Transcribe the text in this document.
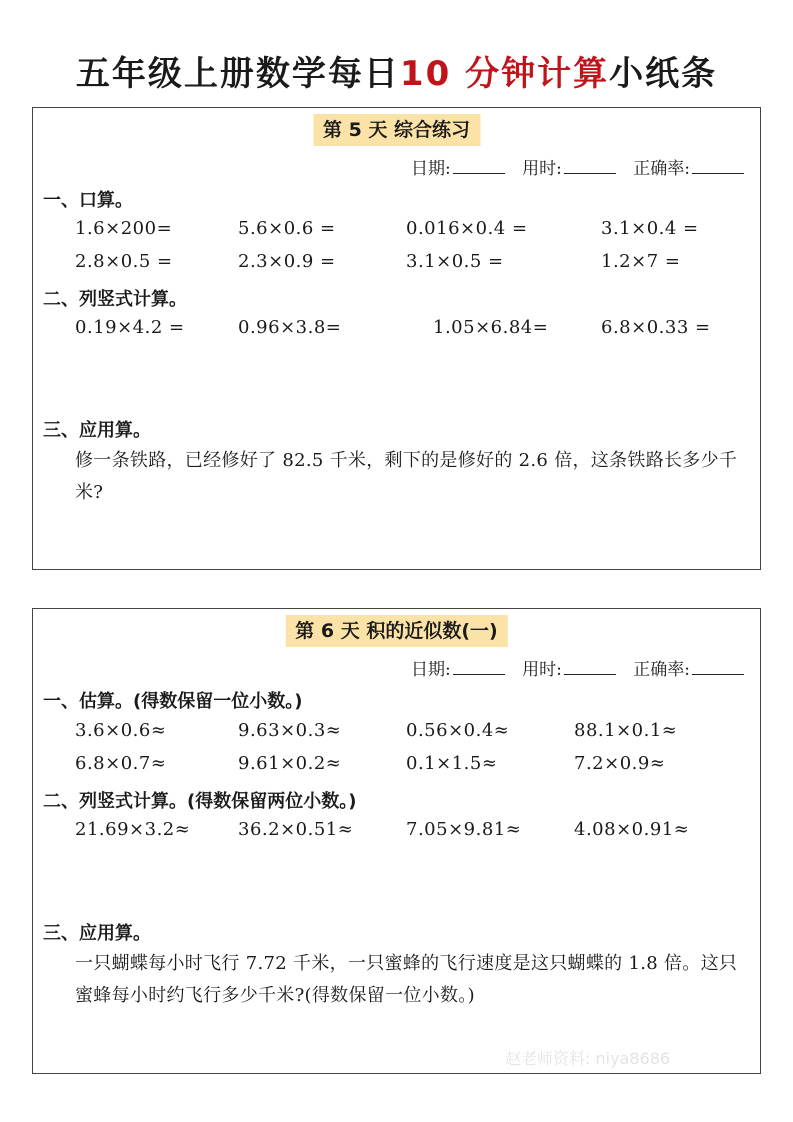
五年级上册数学每日10 分钟计算小纸条
第 5 天 综合练习
日期:	用时:	正确率:
一、口算。
1.6×200=	5.6×0.6 =	0.016×0.4 =	3.1×0.4 =
2.8×0.5 =	2.3×0.9 =	3.1×0.5 =	1.2×7 =
二、列竖式计算。
0.19×4.2 =	0.96×3.8=	1.05×6.84=	6.8×0.33 =
三、应用算。
修一条铁路，已经修好了 82.5 千米，剩下的是修好的 2.6 倍，这条铁路长多少千米?
第 6 天 积的近似数(一)
日期:	用时:	正确率:
一、估算。(得数保留一位小数。)
3.6×0.6≈	9.63×0.3≈	0.56×0.4≈	88.1×0.1≈
6.8×0.7≈	9.61×0.2≈	0.1×1.5≈	7.2×0.9≈
二、列竖式计算。(得数保留两位小数。)
21.69×3.2≈	36.2×0.51≈	7.05×9.81≈	4.08×0.91≈
三、应用算。
一只蝴蝶每小时飞行 7.72 千米，一只蜜蜂的飞行速度是这只蝴蝶的 1.8 倍。这只蜜蜂每小时约飞行多少千米?(得数保留一位小数。)
赵老师资料: niya8686
